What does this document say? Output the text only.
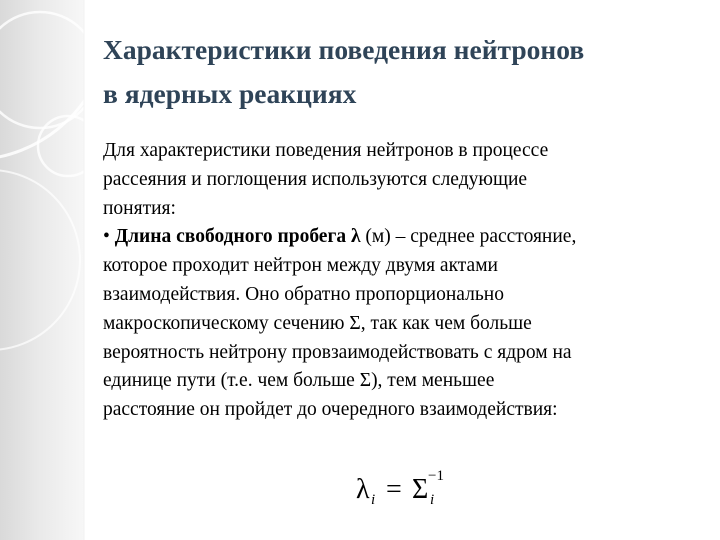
Характеристики поведения нейтронов
в ядерных реакциях
Для характеристики поведения нейтронов в процессе
рассеяния и поглощения используются следующие
понятия:
• Длина свободного пробега λ (м) – среднее расстояние,
которое проходит нейтрон между двумя актами
взаимодействия. Оно обратно пропорционально
макроскопическому сечению Σ, так как чем больше
вероятность нейтрону провзаимодействовать с ядром на
единице пути (т.е. чем больше Σ), тем меньшее
расстояние он пройдет до очередного взаимодействия:
λ i = Σ i
−1
